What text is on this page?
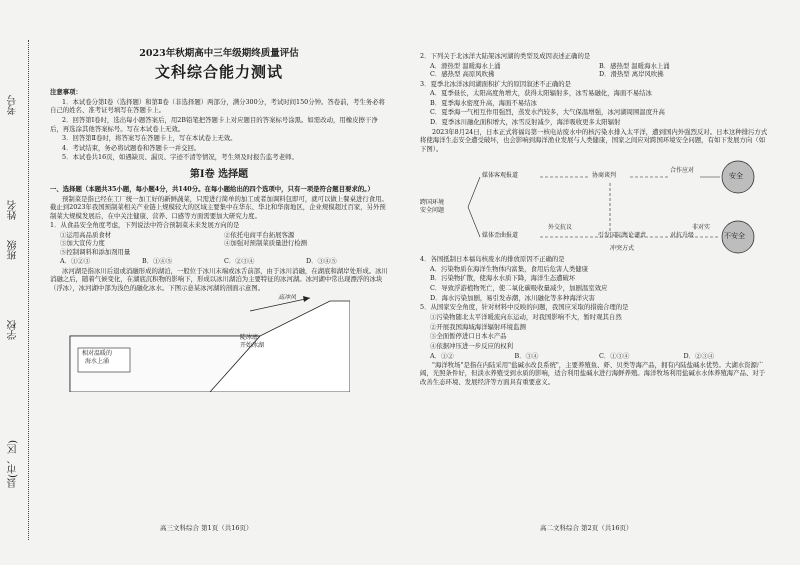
考号
姓名
班级
学校
县(市、区)
2023年秋期高中三年级期终质量评估
文科综合能力测试
注意事项：
1．本试卷分第Ⅰ卷（选择题）和第Ⅱ卷（非选择题）两部分，满分300分，考试时间150分钟。答卷前，考生务必将自己的姓名、准考证号填写在答题卡上。
2．回答第Ⅰ卷时，选出每小题答案后，用2B铅笔把答题卡上对应题目的答案标号涂黑。如需改动，用橡皮擦干净后，再选涂其他答案标号。写在本试卷上无效。
3．回答第Ⅱ卷时，将答案写在答题卡上，写在本试卷上无效。
4．考试结束，务必将试题卷和答题卡一并交回。
5．本试卷共16页，如遇缺页、漏页、字迹不清等情况，考生须及时报告监考老师。
第Ⅰ卷 选择题
一、选择题（本题共35小题，每小题4分，共140分。在每小题给出的四个选项中，只有一项是符合题目要求的。）
预制菜是指已经在工厂统一加工好的新鲜蔬菜，只需进行简单的加工或者加调料包即可，就可以做上餐桌进行食用。截止到2023年我国预制菜相关产业链上规模较大的区域主要集中在华东、华北和华南地区，企业规模超过百家，另外预制菜大规模发展后，在中关注健康、营养、口感等方面需要加大研究力度。
1．从食品安全角度考虑，下列说法中符合预制菜未来发展方向的是
①运用高品质食材	②依托电商平台拓展客源
③加大宣传力度	④加强对预制菜质量进行检测
⑤控制调料和添加剂用量
A．①②③	B．①④⑤	C．②③④	D．③④⑤
冰河湖是指冰川后退或消融形成的湖泊，一般位于冰川末端或冰舌前部，由于冰川消融，在湖底和湖岸处形成。冰川消融之后，随着气候变化，在湖底沉积物的影响下，形成以冰川湖泊为主要特征的冰河湖。冰河湖中常出现漂浮的冰块（浮冰），冰河湖中部为浅色的融化冰水。下图示意某冰河湖的剖面示意图。
高冲风
陡冰底
开始冰湖
相对温暖的
海水上涌
高三文科综合 第1页（共16页）
2．下列关于北冰洋大陆架冰河湖的类型及成因表述正确的是
A．滑热型 温暖海水上涌	B．感热型 温暖海水上涌
C．感热型 高原风吹拂	D．滑热型 离岸风吹拂
3．夏季北冰洋冰间湖面积扩大的原因叙述不正确的是
A．夏季昼长，太阳高度角增大，获得太阳辐射多，冰雪易融化，海面不易结冰
B．夏季海水密度升高，海面不易结冰
C．夏季海一气相互作用强烈，蒸发水汽较多，大气保温增强，冰河湖周围温度升高
D．夏季冰川融化面积增大，冰雪反射减少，海洋吸收更多太阳辐射
2023年8月24日，日本正式将福岛第一核电站废水中的核污染水排入太平洋，遭到国内外强烈反对。日本这种排污方式将使海洋生态安全遭受破坏，也会影响到海洋渔业发展与人类健康，国家之间应对跨国环境安全问题，有如下发展方向（如下图）。
跨国环境
安全问题
媒体客观报道	协商谈判
合作应对
安全
媒体歪曲报道
外交抗议
引发国际舆论谴责	对抗升级
非对实
不安全
冲突方式
4．各国抵制日本福岛核废水的排放原因不正确的是
A．污染物质在海洋生物体内富集，食用后危害人类健康
B．污染物扩散，使海水水质下降，海洋生态遭破坏
C．导致浮游植物死亡，使二氧化碳吸收量减少，加剧温室效应
D．海水污染加剧，易引发赤潮，冰川融化等多种海洋灾害
5．从国家安全角度，针对材料中反映的问题，我国应采取的措施合理的是
①污染物随北太平洋暖流向东运动，对我国影响不大，暂时观其自然
②开展我国海域海洋辐射环境监测
③全面暂停进口日本水产品
④依据冲压进一步反应的权利
A．①②	B．③④	C．①③④	D．②③④
"海洋牧场"是指在内陆采用"盐碱水改良系统"，主要养殖鱼、虾、贝类等海产品，拥有内陆盐碱水优势。大湖水资源广阔，光照条件好，但淡水养殖受到水质的影响，适合利用盐碱水进行海鲜养殖。海洋牧场利用盐碱水水体养殖海产品、对于改善生态环境、发展经济等方面具有重要意义。
高二文科综合 第2页（共16页）
